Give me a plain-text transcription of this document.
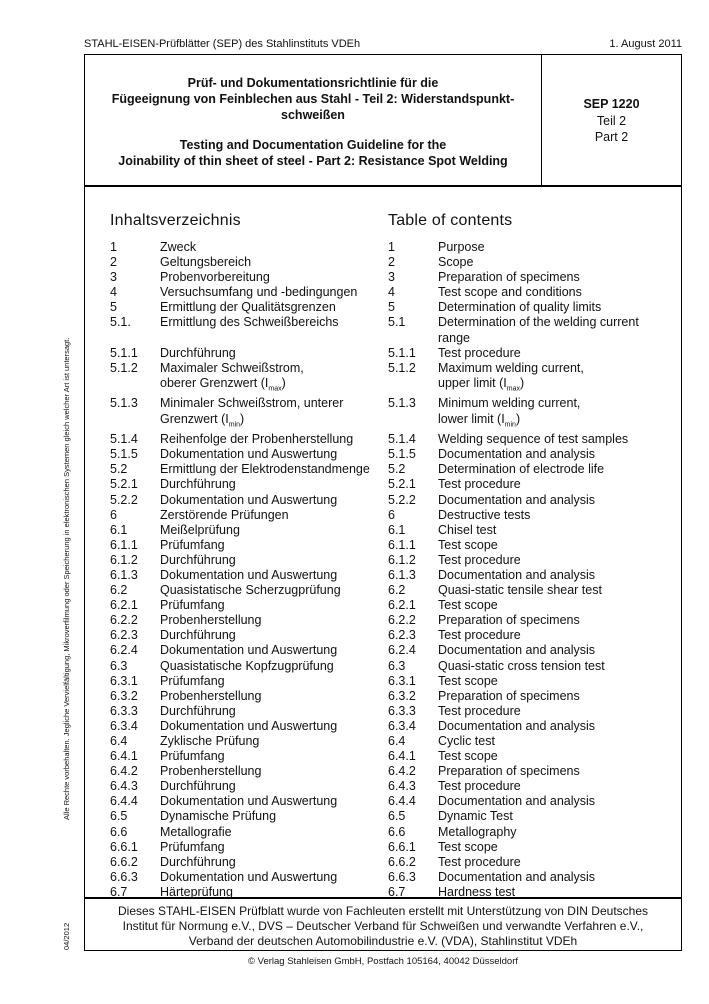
STAHL-EISEN-Prüfblätter (SEP) des Stahlinstituts VDEh	1. August 2011
Alle Rechte vorbehalten. Jegliche Vervielfältigung, Mikroverfilmung oder Speicherung in elektronischen Systemen gleich welcher Art ist untersagt.
04/2012
Prüf- und Dokumentationsrichtlinie für die
Fügeeignung von Feinblechen aus Stahl - Teil 2: Widerstandspunkt-
schweißen
Testing and Documentation Guideline for the
Joinability of thin sheet of steel - Part 2: Resistance Spot Welding
SEP 1220
Teil 2
Part 2
Inhaltsverzeichnis	Table of contents
1	Zweck
2	Geltungsbereich
3	Probenvorbereitung
4	Versuchsumfang und -bedingungen
5	Ermittlung der Qualitätsgrenzen
5.1.	Ermittlung des Schweißbereichs

5.1.1	Durchführung
5.1.2	Maximaler Schweißstrom,
oberer Grenzwert $(I_{max})$
5.1.3	Minimaler Schweißstrom, unterer
Grenzwert $(I_{min})$
5.1.4	Reihenfolge der Probenherstellung
5.1.5	Dokumentation und Auswertung
5.2	Ermittlung der Elektrodenstandmenge
5.2.1	Durchführung
5.2.2	Dokumentation und Auswertung
6	Zerstörende Prüfungen
6.1	Meißelprüfung
6.1.1	Prüfumfang
6.1.2	Durchführung
6.1.3	Dokumentation und Auswertung
6.2	Quasistatische Scherzugprüfung
6.2.1	Prüfumfang
6.2.2	Probenherstellung
6.2.3	Durchführung
6.2.4	Dokumentation und Auswertung
6.3	Quasistatische Kopfzugprüfung
6.3.1	Prüfumfang
6.3.2	Probenherstellung
6.3.3	Durchführung
6.3.4	Dokumentation und Auswertung
6.4	Zyklische Prüfung
6.4.1	Prüfumfang
6.4.2	Probenherstellung
6.4.3	Durchführung
6.4.4	Dokumentation und Auswertung
6.5	Dynamische Prüfung
6.6	Metallografie
6.6.1	Prüfumfang
6.6.2	Durchführung
6.6.3	Dokumentation und Auswertung
6.7	Härteprüfung
1	Purpose
2	Scope
3	Preparation of specimens
4	Test scope and conditions
5	Determination of quality limits
5.1	Determination of the welding current
range
5.1.1	Test procedure
5.1.2	Maximum welding current,
upper limit $(I_{max})$
5.1.3	Minimum welding current,
lower limit $(I_{min})$
5.1.4	Welding sequence of test samples
5.1.5	Documentation and analysis
5.2	Determination of electrode life
5.2.1	Test procedure
5.2.2	Documentation and analysis
6	Destructive tests
6.1	Chisel test
6.1.1	Test scope
6.1.2	Test procedure
6.1.3	Documentation and analysis
6.2	Quasi-static tensile shear test
6.2.1	Test scope
6.2.2	Preparation of specimens
6.2.3	Test procedure
6.2.4	Documentation and analysis
6.3	Quasi-static cross tension test
6.3.1	Test scope
6.3.2	Preparation of specimens
6.3.3	Test procedure
6.3.4	Documentation and analysis
6.4	Cyclic test
6.4.1	Test scope
6.4.2	Preparation of specimens
6.4.3	Test procedure
6.4.4	Documentation and analysis
6.5	Dynamic Test
6.6	Metallography
6.6.1	Test scope
6.6.2	Test procedure
6.6.3	Documentation and analysis
6.7	Hardness test
Dieses STAHL-EISEN Prüfblatt wurde von Fachleuten erstellt mit Unterstützung von DIN Deutsches
Institut für Normung e.V., DVS – Deutscher Verband für Schweißen und verwandte Verfahren e.V.,
Verband der deutschen Automobilindustrie e.V. (VDA), Stahlinstitut VDEh
© Verlag Stahleisen GmbH, Postfach 105164, 40042 Düsseldorf
